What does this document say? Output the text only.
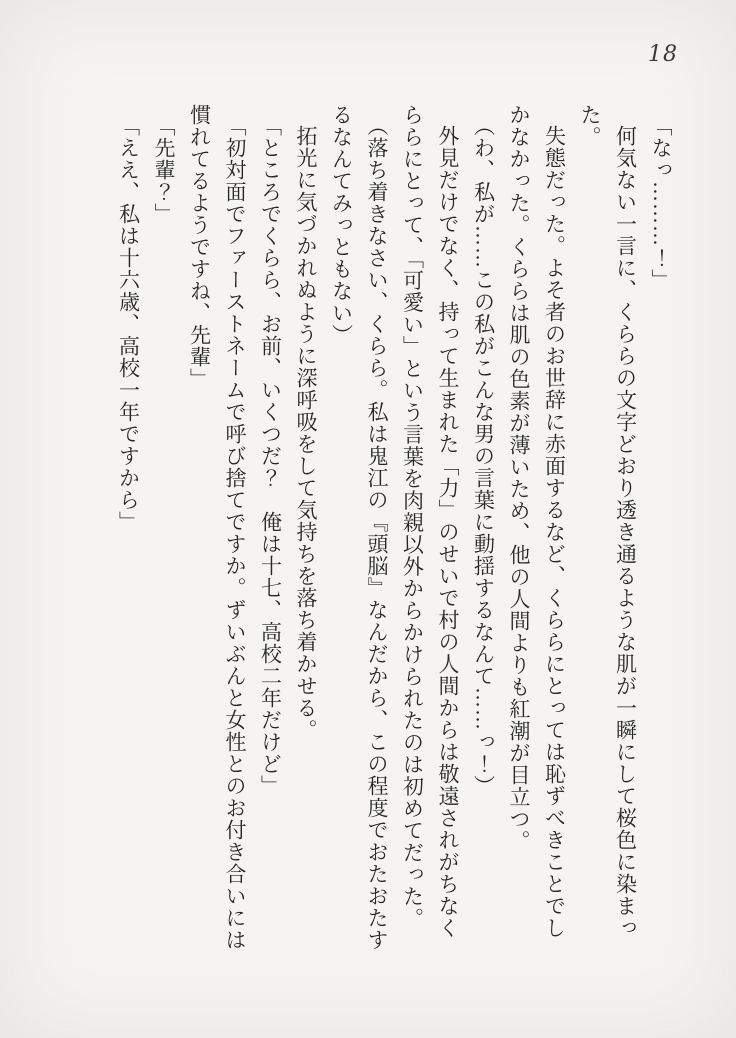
18

「なっ………！」

何気ない一言に、くららの文字どおり透き通るような肌が一瞬にして桜色に染まった。

失態だった。よそ者のお世辞に赤面するなど、くららにとっては恥ずべきことでしかなかった。くららは肌の色素が薄いため、他の人間よりも紅潮が目立つ。

（わ、私が……この私がこんな男の言葉に動揺するなんて……っ！）

外見だけでなく、持って生まれた「力」のせいで村の人間からは敬遠されがちなくららにとって、「可愛い」という言葉を肉親以外からかけられたのは初めてだった。

（落ち着きなさい、くらら。私は鬼江の『頭脳』なんだから、この程度でおたおたするなんてみっともない）

拓光に気づかれぬように深呼吸をして気持ちを落ち着かせる。

「ところでくらら、お前、いくつだ？　俺は十七、高校二年だけど」

「初対面でファーストネームで呼び捨てですか。ずいぶんと女性とのお付き合いには慣れてるようですね、先輩」

「先輩？」

「ええ、私は十六歳、高校一年ですから」
